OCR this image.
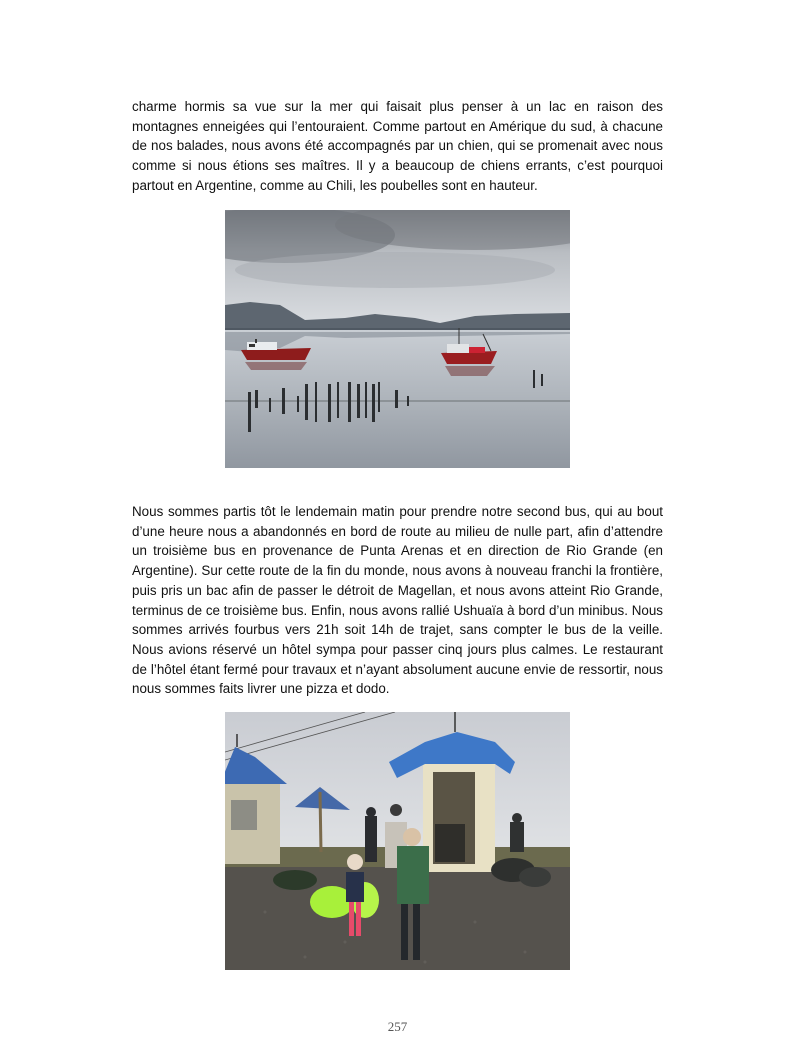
charme hormis sa vue sur la mer qui faisait plus penser à un lac en raison des montagnes enneigées qui l’entouraient. Comme partout en Amérique du sud, à chacune de nos balades, nous avons été accompagnés par un chien, qui se promenait avec nous comme si nous étions ses maîtres. Il y a beaucoup de chiens errants, c’est pourquoi partout en Argentine, comme au Chili, les poubelles sont en hauteur.

Nous sommes partis tôt le lendemain matin pour prendre notre second bus, qui au bout d’une heure nous a abandonnés en bord de route au milieu de nulle part, afin d’attendre un troisième bus en provenance de Punta Arenas et en direction de Rio Grande (en Argentine). Sur cette route de la fin du monde, nous avons à nouveau franchi la frontière, puis pris un bac afin de passer le détroit de Magellan, et nous avons atteint Rio Grande, terminus de ce troisième bus. Enfin, nous avons rallié Ushuaïa à bord d’un minibus. Nous sommes arrivés fourbus vers 21h soit 14h de trajet, sans compter le bus de la veille. Nous avions réservé un hôtel sympa pour passer cinq jours plus calmes. Le restaurant de l’hôtel étant fermé pour travaux et n’ayant absolument aucune envie de ressortir, nous nous sommes faits livrer une pizza et dodo.

257
